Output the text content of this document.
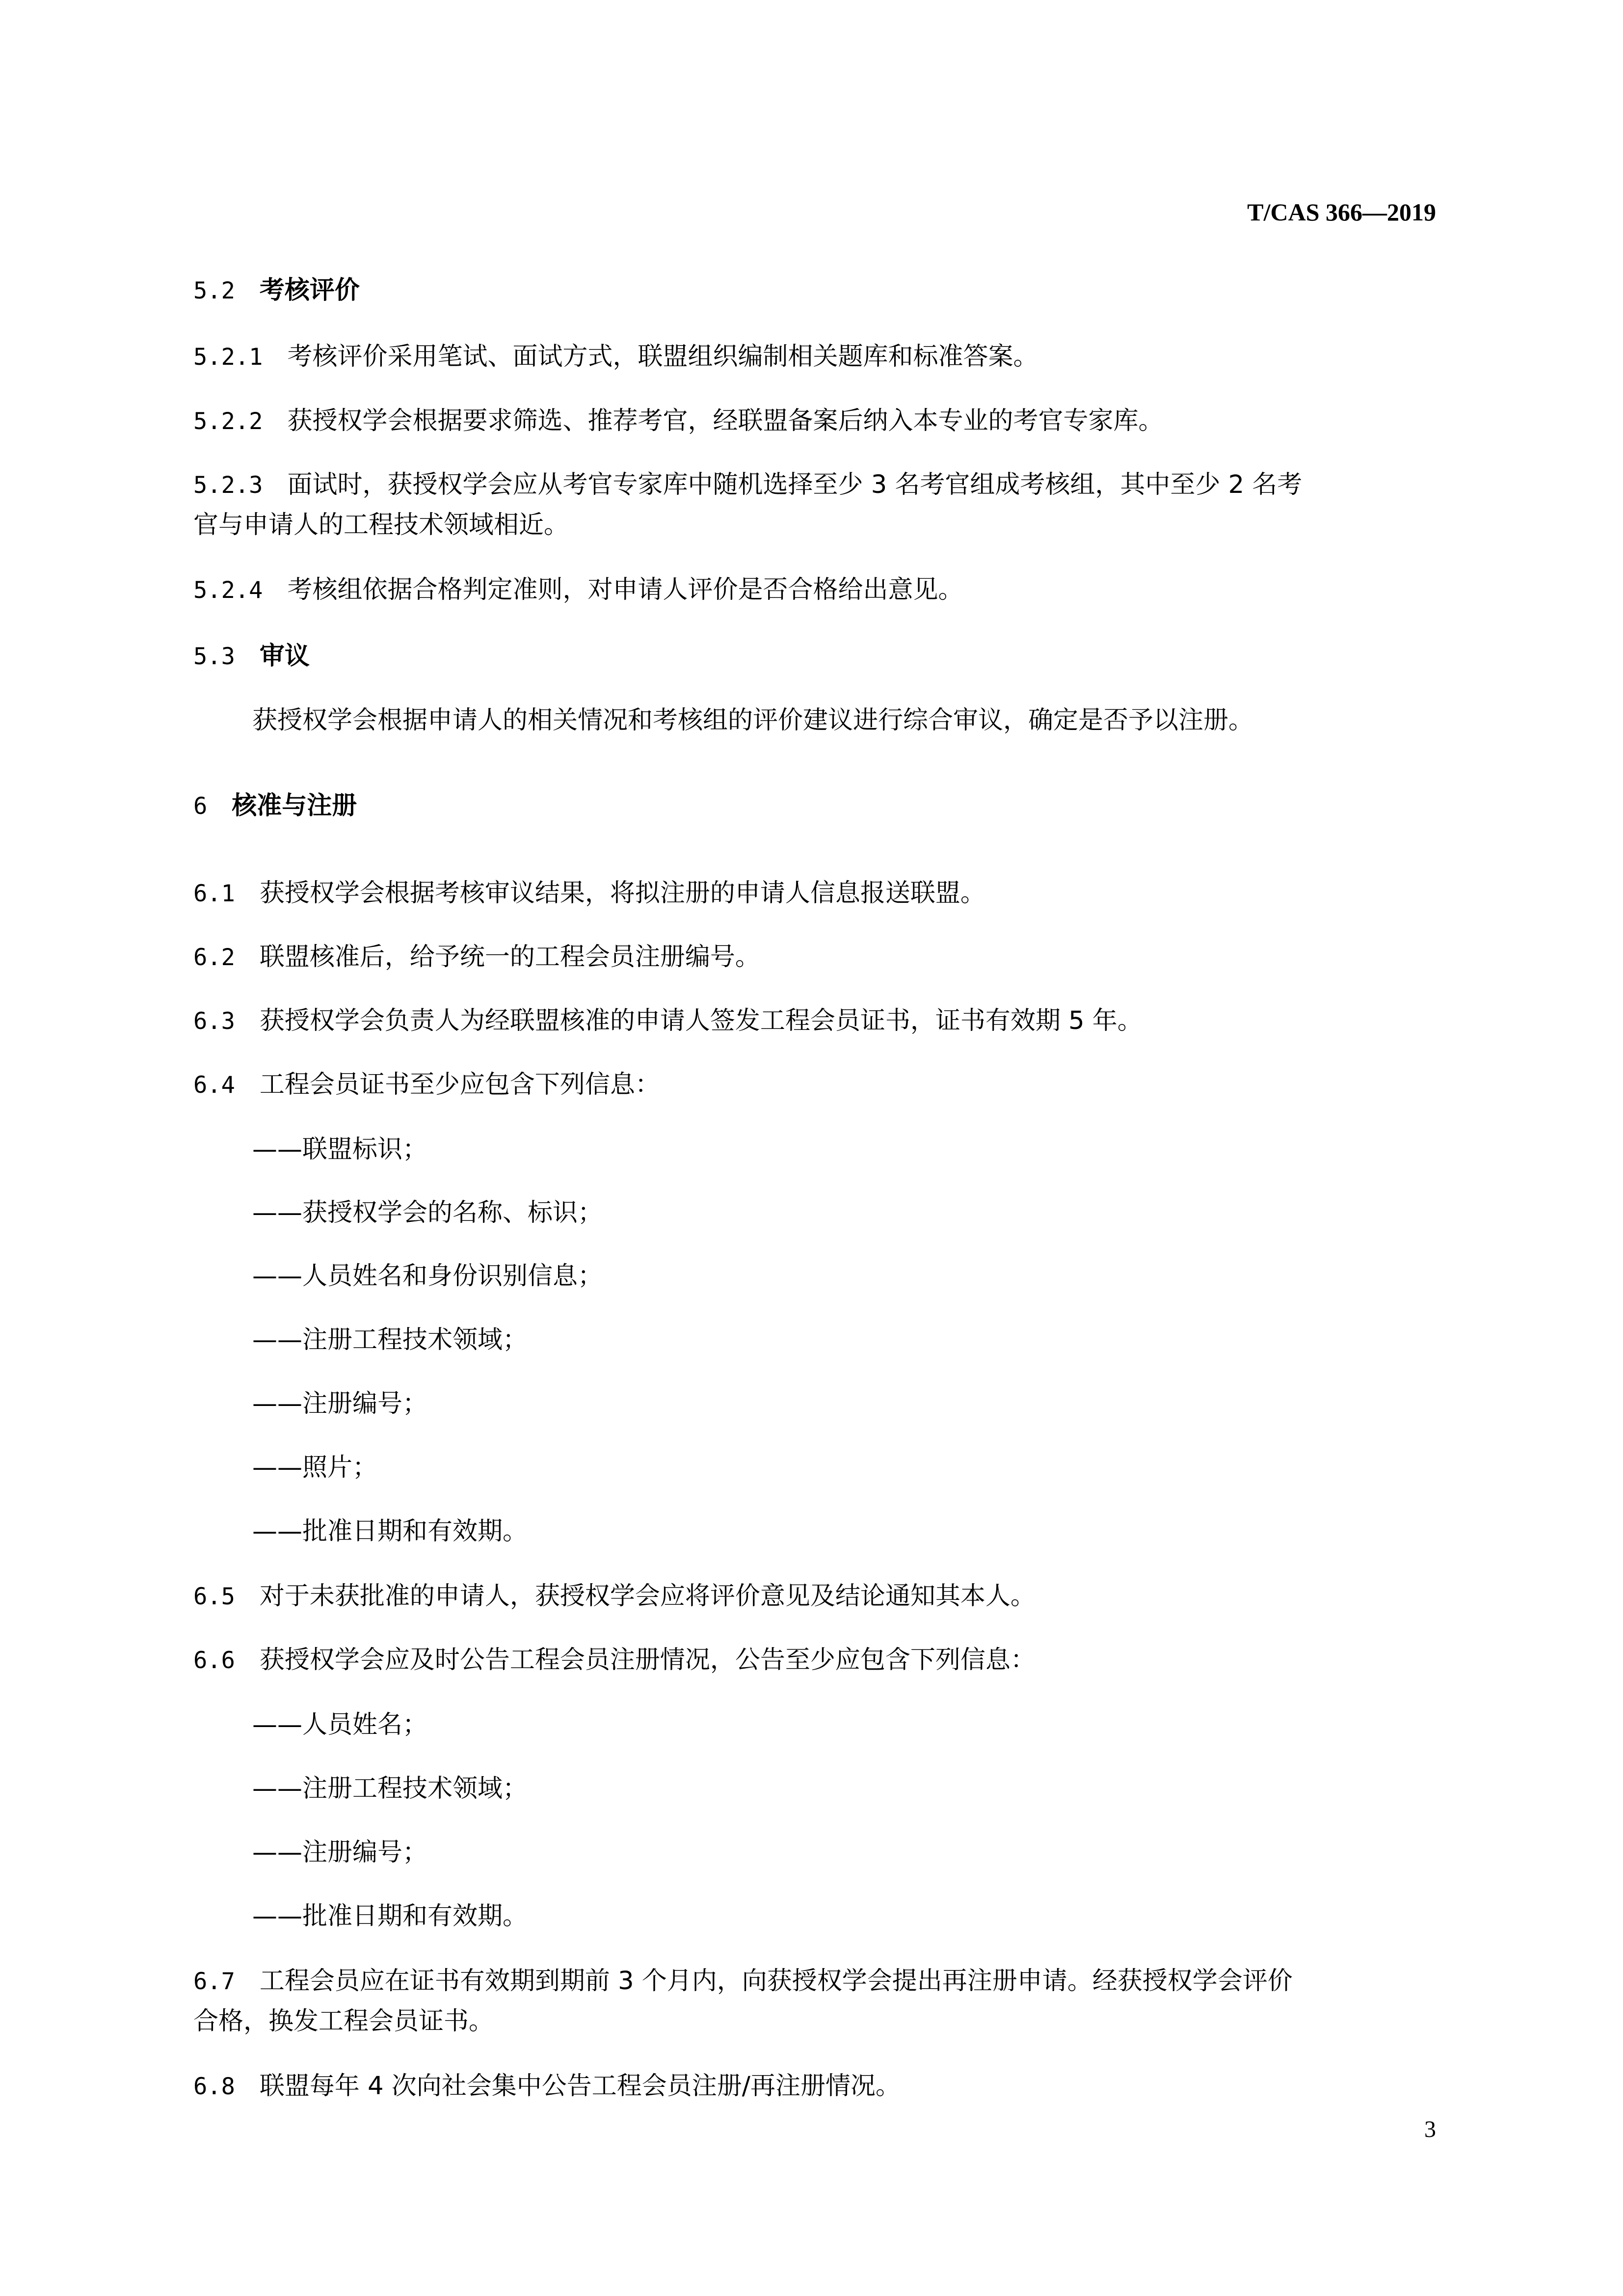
T/CAS 366—2019
5.2 考核评价
5.2.1 考核评价采用笔试、面试方式，联盟组织编制相关题库和标准答案。
5.2.2 获授权学会根据要求筛选、推荐考官，经联盟备案后纳入本专业的考官专家库。
5.2.3 面试时，获授权学会应从考官专家库中随机选择至少 3 名考官组成考核组，其中至少 2 名考
官与申请人的工程技术领域相近。
5.2.4 考核组依据合格判定准则，对申请人评价是否合格给出意见。
5.3 审议
获授权学会根据申请人的相关情况和考核组的评价建议进行综合审议，确定是否予以注册。
6 核准与注册
6.1 获授权学会根据考核审议结果，将拟注册的申请人信息报送联盟。
6.2 联盟核准后，给予统一的工程会员注册编号。
6.3 获授权学会负责人为经联盟核准的申请人签发工程会员证书，证书有效期 5 年。
6.4 工程会员证书至少应包含下列信息：
——联盟标识；
——获授权学会的名称、标识；
——人员姓名和身份识别信息；
——注册工程技术领域；
——注册编号；
——照片；
——批准日期和有效期。
6.5 对于未获批准的申请人，获授权学会应将评价意见及结论通知其本人。
6.6 获授权学会应及时公告工程会员注册情况，公告至少应包含下列信息：
——人员姓名；
——注册工程技术领域；
——注册编号；
——批准日期和有效期。
6.7 工程会员应在证书有效期到期前 3 个月内，向获授权学会提出再注册申请。经获授权学会评价
合格，换发工程会员证书。
6.8 联盟每年 4 次向社会集中公告工程会员注册/再注册情况。
3
